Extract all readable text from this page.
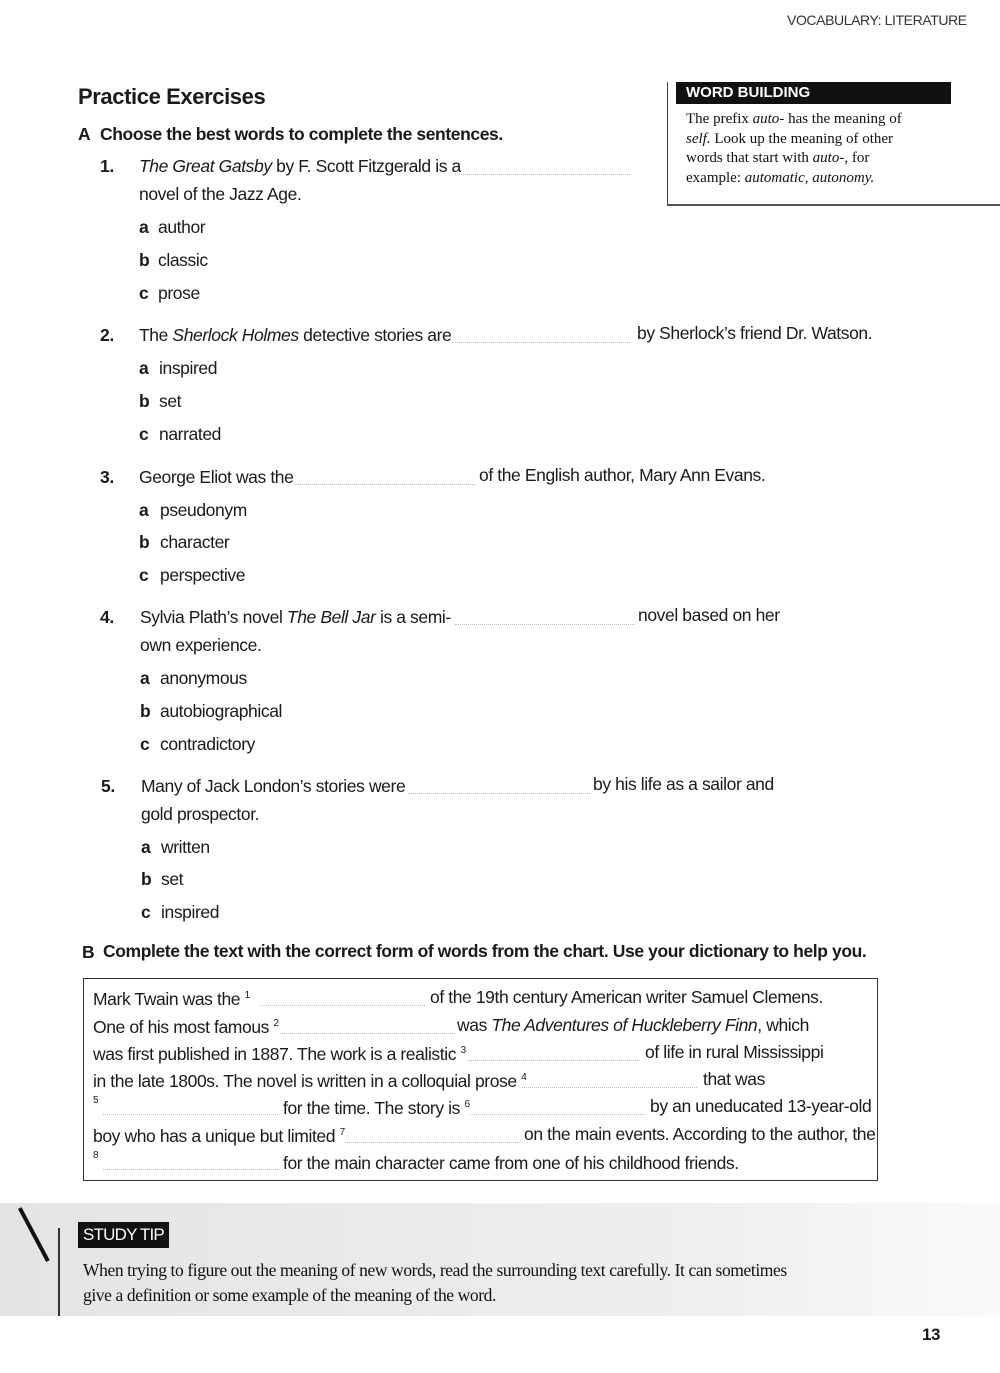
VOCABULARY: LITERATURE
Practice Exercises	WORD BUILDING
The prefix auto- has the meaning of
self. Look up the meaning of other
words that start with auto-, for
example: automatic, autonomy.
A Choose the best words to complete the sentences.
1. The Great Gatsby by F. Scott Fitzgerald is a
novel of the Jazz Age.
a author
b classic
c prose
2. The Sherlock Holmes detective stories are	by Sherlock’s friend Dr. Watson.
a inspired
b set
c narrated
3. George Eliot was the	of the English author, Mary Ann Evans.
a pseudonym
b character
c perspective
4. Sylvia Plath’s novel The Bell Jar is a semi-	novel based on her
own experience.
a anonymous
b autobiographical
c contradictory
5. Many of Jack London’s stories were	by his life as a sailor and
gold prospector.
a written
b set
c inspired
B Complete the text with the correct form of words from the chart. Use your dictionary to help you.
Mark Twain was the $^1$	of the 19th century American writer Samuel Clemens.
One of his most famous $^2$	was The Adventures of Huckleberry Finn, which
was first published in 1887. The work is a realistic $^3$	of life in rural Mississippi
in the late 1800s. The novel is written in a colloquial prose $^4$	that was
$^5$	for the time. The story is $^6$	by an uneducated 13-year-old
boy who has a unique but limited $^7$	on the main events. According to the author, the
$^8$	for the main character came from one of his childhood friends.
STUDY TIP
When trying to figure out the meaning of new words, read the surrounding text carefully. It can sometimes
give a definition or some example of the meaning of the word.
13
